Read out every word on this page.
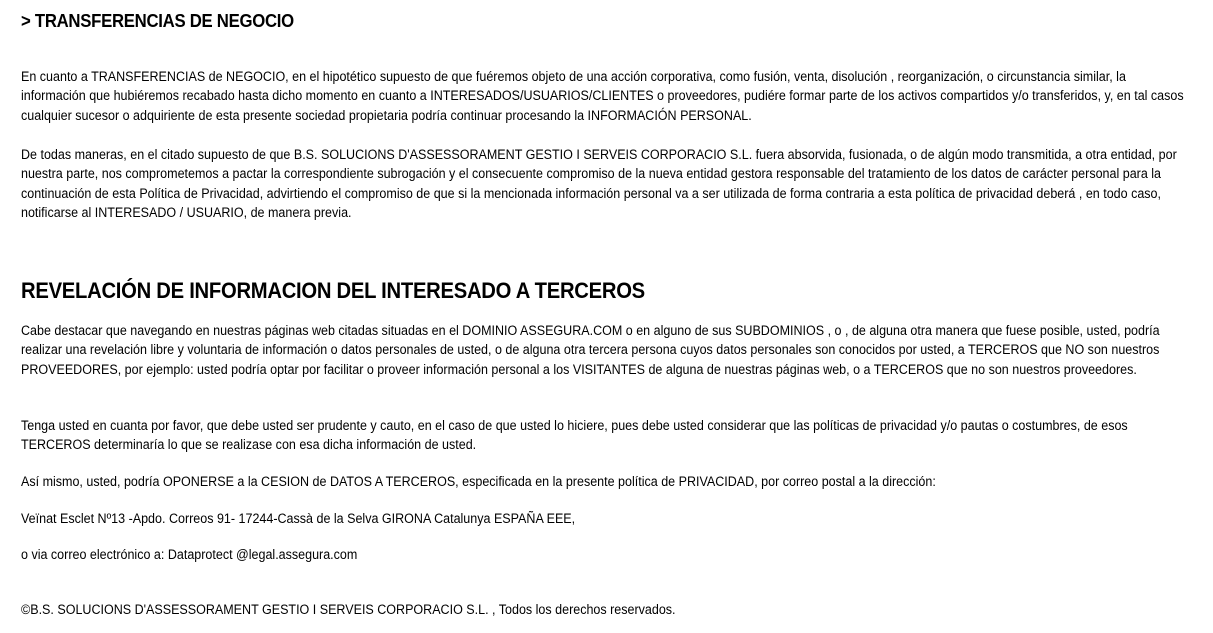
> TRANSFERENCIAS DE NEGOCIO

En cuanto a TRANSFERENCIAS de NEGOCIO, en el hipotético supuesto de que fuéremos objeto de una acción corporativa, como fusión, venta, disolución , reorganización, o circunstancia similar, la información que hubiéremos recabado hasta dicho momento en cuanto a INTERESADOS/USUARIOS/CLIENTES o proveedores, pudiére formar parte de los activos compartidos y/o transferidos, y, en tal casos cualquier sucesor o adquiriente de esta presente sociedad propietaria podría continuar procesando la INFORMACIÓN PERSONAL.

De todas maneras, en el citado supuesto de que B.S. SOLUCIONS D'ASSESSORAMENT GESTIO I SERVEIS CORPORACIO S.L. fuera absorvida, fusionada, o de algún modo transmitida, a otra entidad, por nuestra parte, nos comprometemos a pactar la correspondiente subrogación y el consecuente compromiso de la nueva entidad gestora responsable del tratamiento de los datos de carácter personal para la continuación de esta Política de Privacidad, advirtiendo el compromiso de que si la mencionada información personal va a ser utilizada de forma contraria a esta política de privacidad deberá , en todo caso, notificarse al INTERESADO / USUARIO, de manera previa.

REVELACIÓN DE INFORMACION DEL INTERESADO A TERCEROS

Cabe destacar que navegando en nuestras páginas web citadas situadas en el DOMINIO ASSEGURA.COM o en alguno de sus SUBDOMINIOS , o , de alguna otra manera que fuese posible, usted, podría realizar una revelación libre y voluntaria de información o datos personales de usted, o de alguna otra tercera persona cuyos datos personales son conocidos por usted, a TERCEROS que NO son nuestros PROVEEDORES, por ejemplo: usted podría optar por facilitar o proveer información personal a los VISITANTES de alguna de nuestras páginas web, o a TERCEROS que no son nuestros proveedores.

Tenga usted en cuanta por favor, que debe usted ser prudente y cauto, en el caso de que usted lo hiciere, pues debe usted considerar que las políticas de privacidad y/o pautas o costumbres, de esos TERCEROS determinaría lo que se realizase con esa dicha información de usted.

Así mismo, usted, podría OPONERSE a la CESION de DATOS A TERCEROS, especificada en la presente política de PRIVACIDAD, por correo postal a la dirección:

Veïnat Esclet Nº13 -Apdo. Correos 91- 17244-Cassà de la Selva GIRONA Catalunya ESPAÑA EEE,

o via correo electrónico a: Dataprotect @legal.assegura.com

©B.S. SOLUCIONS D'ASSESSORAMENT GESTIO I SERVEIS CORPORACIO S.L. , Todos los derechos reservados.
